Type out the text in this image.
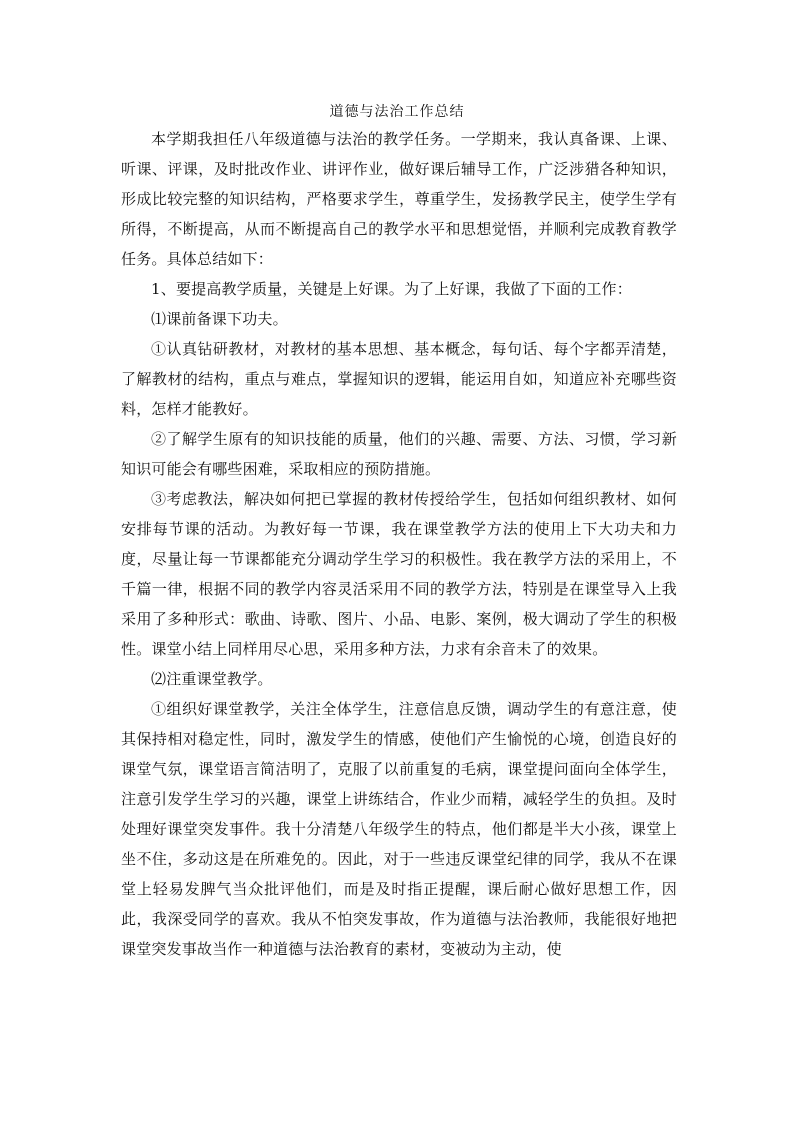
道德与法治工作总结

本学期我担任八年级道德与法治的教学任务。一学期来，我认真备课、上课、听课、评课，及时批改作业、讲评作业，做好课后辅导工作，广泛涉猎各种知识，形成比较完整的知识结构，严格要求学生，尊重学生，发扬教学民主，使学生学有所得，不断提高，从而不断提高自己的教学水平和思想觉悟，并顺利完成教育教学任务。具体总结如下：

1、要提高教学质量，关键是上好课。为了上好课，我做了下面的工作：

⑴课前备课下功夫。

①认真钻研教材，对教材的基本思想、基本概念，每句话、每个字都弄清楚，了解教材的结构，重点与难点，掌握知识的逻辑，能运用自如，知道应补充哪些资料，怎样才能教好。

②了解学生原有的知识技能的质量，他们的兴趣、需要、方法、习惯，学习新知识可能会有哪些困难，采取相应的预防措施。

③考虑教法，解决如何把已掌握的教材传授给学生，包括如何组织教材、如何安排每节课的活动。为教好每一节课，我在课堂教学方法的使用上下大功夫和力度，尽量让每一节课都能充分调动学生学习的积极性。我在教学方法的采用上，不千篇一律，根据不同的教学内容灵活采用不同的教学方法，特别是在课堂导入上我采用了多种形式：歌曲、诗歌、图片、小品、电影、案例，极大调动了学生的积极性。课堂小结上同样用尽心思，采用多种方法，力求有余音未了的效果。

⑵注重课堂教学。

①组织好课堂教学，关注全体学生，注意信息反馈，调动学生的有意注意，使其保持相对稳定性，同时，激发学生的情感，使他们产生愉悦的心境，创造良好的课堂气氛，课堂语言简洁明了，克服了以前重复的毛病，课堂提问面向全体学生，注意引发学生学习的兴趣，课堂上讲练结合，作业少而精，减轻学生的负担。及时处理好课堂突发事件。我十分清楚八年级学生的特点，他们都是半大小孩，课堂上坐不住，多动这是在所难免的。因此，对于一些违反课堂纪律的同学，我从不在课堂上轻易发脾气当众批评他们，而是及时指正提醒，课后耐心做好思想工作，因此，我深受同学的喜欢。我从不怕突发事故，作为道德与法治教师，我能很好地把课堂突发事故当作一种道德与法治教育的素材，变被动为主动，使
